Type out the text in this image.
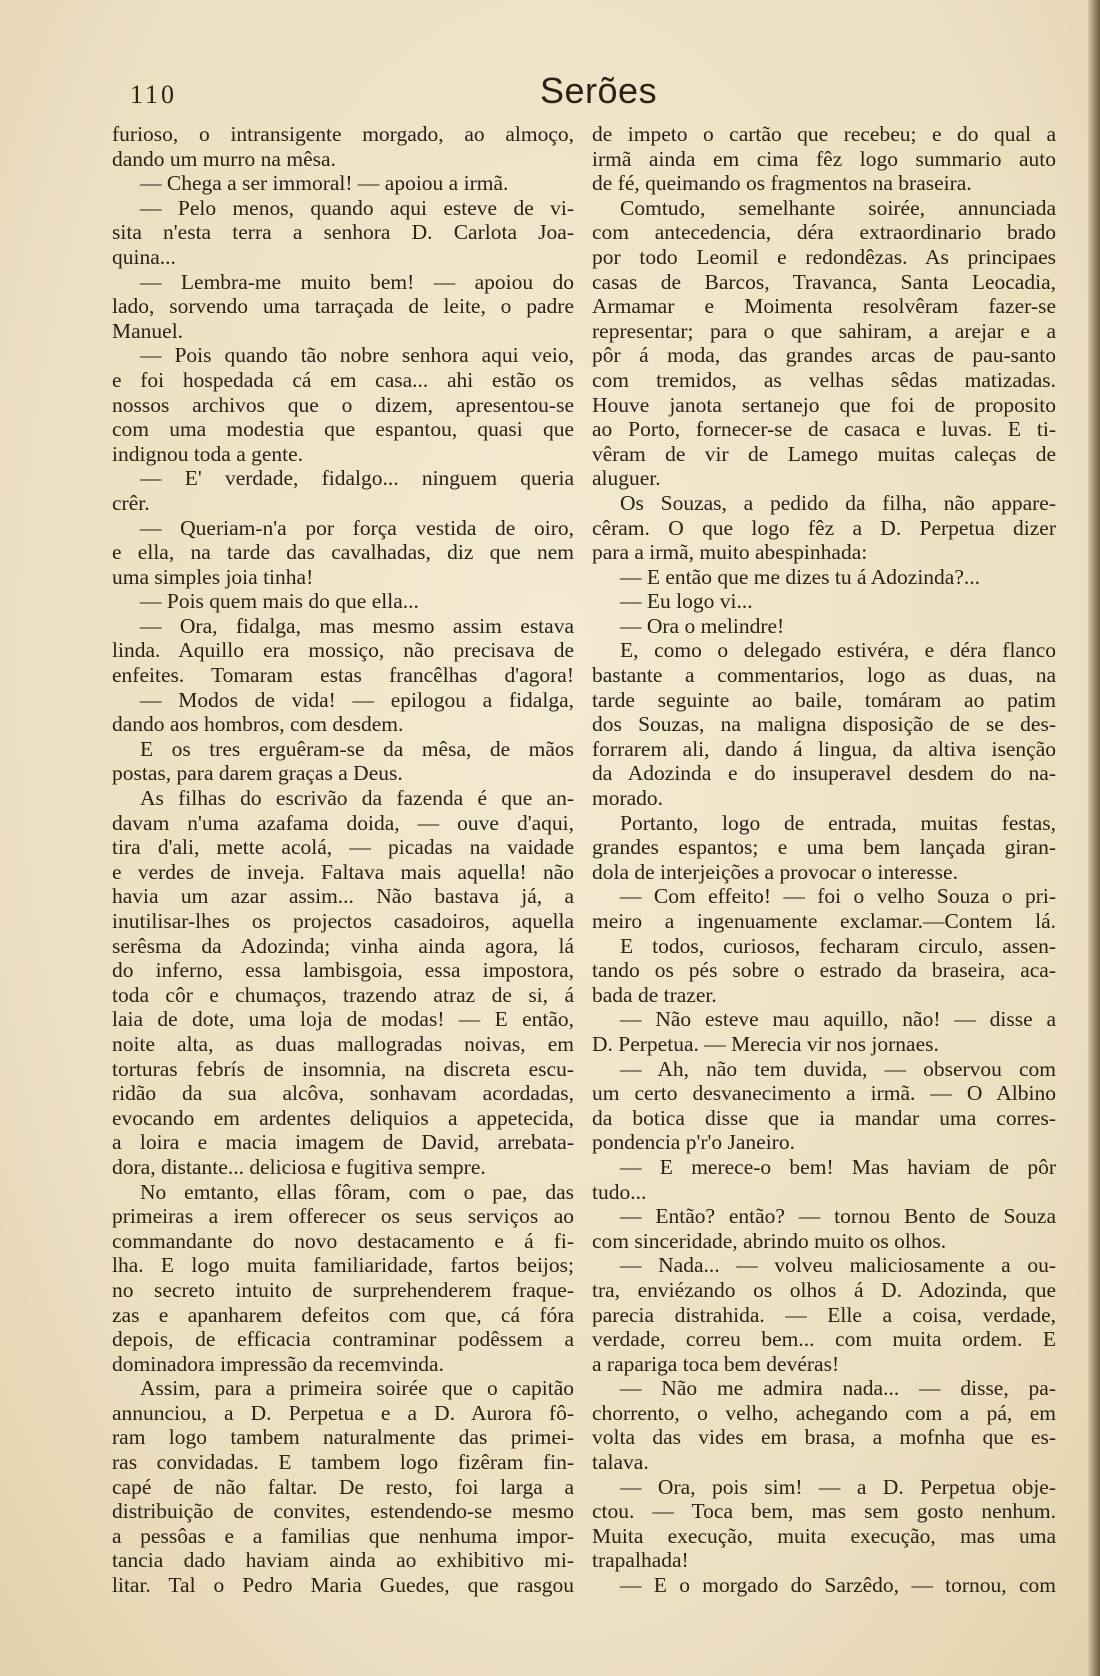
110	Serões
furioso, o intransigente morgado, ao almoço,
dando um murro na mêsa.
— Chega a ser immoral! — apoiou a irmã.
— Pelo menos, quando aqui esteve de vi-
sita n'esta terra a senhora D. Carlota Joa-
quina...
— Lembra-me muito bem! — apoiou do
lado, sorvendo uma tarraçada de leite, o padre
Manuel.
— Pois quando tão nobre senhora aqui veio,
e foi hospedada cá em casa... ahi estão os
nossos archivos que o dizem, apresentou-se
com uma modestia que espantou, quasi que
indignou toda a gente.
— E' verdade, fidalgo... ninguem queria
crêr.
— Queriam-n'a por força vestida de oiro,
e ella, na tarde das cavalhadas, diz que nem
uma simples joia tinha!
— Pois quem mais do que ella...
— Ora, fidalga, mas mesmo assim estava
linda. Aquillo era mossiço, não precisava de
enfeites. Tomaram estas francêlhas d'agora!
— Modos de vida! — epilogou a fidalga,
dando aos hombros, com desdem.
E os tres erguêram-se da mêsa, de mãos
postas, para darem graças a Deus.
As filhas do escrivão da fazenda é que an-
davam n'uma azafama doida, — ouve d'aqui,
tira d'ali, mette acolá, — picadas na vaidade
e verdes de inveja. Faltava mais aquella! não
havia um azar assim... Não bastava já, a
inutilisar-lhes os projectos casadoiros, aquella
serêsma da Adozinda; vinha ainda agora, lá
do inferno, essa lambisgoia, essa impostora,
toda côr e chumaços, trazendo atraz de si, á
laia de dote, uma loja de modas! — E então,
noite alta, as duas mallogradas noivas, em
torturas febrís de insomnia, na discreta escu-
ridão da sua alcôva, sonhavam acordadas,
evocando em ardentes deliquios a appetecida,
a loira e macia imagem de David, arrebata-
dora, distante... deliciosa e fugitiva sempre.
No emtanto, ellas fôram, com o pae, das
primeiras a irem offerecer os seus serviços ao
commandante do novo destacamento e á fi-
lha. E logo muita familiaridade, fartos beijos;
no secreto intuito de surprehenderem fraque-
zas e apanharem defeitos com que, cá fóra
depois, de efficacia contraminar podêssem a
dominadora impressão da recemvinda.
Assim, para a primeira soirée que o capitão
annunciou, a D. Perpetua e a D. Aurora fô-
ram logo tambem naturalmente das primei-
ras convidadas. E tambem logo fizêram fin-
capé de não faltar. De resto, foi larga a
distribuição de convites, estendendo-se mesmo
a pessôas e a familias que nenhuma impor-
tancia dado haviam ainda ao exhibitivo mi-
litar. Tal o Pedro Maria Guedes, que rasgou
de impeto o cartão que recebeu; e do qual a
irmã ainda em cima fêz logo summario auto
de fé, queimando os fragmentos na braseira.
Comtudo, semelhante soirée, annunciada
com antecedencia, déra extraordinario brado
por todo Leomil e redondêzas. As principaes
casas de Barcos, Travanca, Santa Leocadia,
Armamar e Moimenta resolvêram fazer-se
representar; para o que sahiram, a arejar e a
pôr á moda, das grandes arcas de pau-santo
com tremidos, as velhas sêdas matizadas.
Houve janota sertanejo que foi de proposito
ao Porto, fornecer-se de casaca e luvas. E ti-
vêram de vir de Lamego muitas caleças de
aluguer.
Os Souzas, a pedido da filha, não appare-
cêram. O que logo fêz a D. Perpetua dizer
para a irmã, muito abespinhada:
— E então que me dizes tu á Adozinda?...
— Eu logo vi...
— Ora o melindre!
E, como o delegado estivéra, e déra flanco
bastante a commentarios, logo as duas, na
tarde seguinte ao baile, tomáram ao patim
dos Souzas, na maligna disposição de se des-
forrarem ali, dando á lingua, da altiva isenção
da Adozinda e do insuperavel desdem do na-
morado.
Portanto, logo de entrada, muitas festas,
grandes espantos; e uma bem lançada giran-
dola de interjeições a provocar o interesse.
— Com effeito! — foi o velho Souza o pri-
meiro a ingenuamente exclamar.—Contem lá.
E todos, curiosos, fecharam circulo, assen-
tando os pés sobre o estrado da braseira, aca-
bada de trazer.
— Não esteve mau aquillo, não! — disse a
D. Perpetua. — Merecia vir nos jornaes.
— Ah, não tem duvida, — observou com
um certo desvanecimento a irmã. — O Albino
da botica disse que ia mandar uma corres-
pondencia p'r'o Janeiro.
— E merece-o bem! Mas haviam de pôr
tudo...
— Então? então? — tornou Bento de Souza
com sinceridade, abrindo muito os olhos.
— Nada... — volveu maliciosamente a ou-
tra, enviézando os olhos á D. Adozinda, que
parecia distrahida. — Elle a coisa, verdade,
verdade, correu bem... com muita ordem. E
a rapariga toca bem devéras!
— Não me admira nada... — disse, pa-
chorrento, o velho, achegando com a pá, em
volta das vides em brasa, a mofnha que es-
talava.
— Ora, pois sim! — a D. Perpetua obje-
ctou. — Toca bem, mas sem gosto nenhum.
Muita execução, muita execução, mas uma
trapalhada!
— E o morgado do Sarzêdo, — tornou, com
